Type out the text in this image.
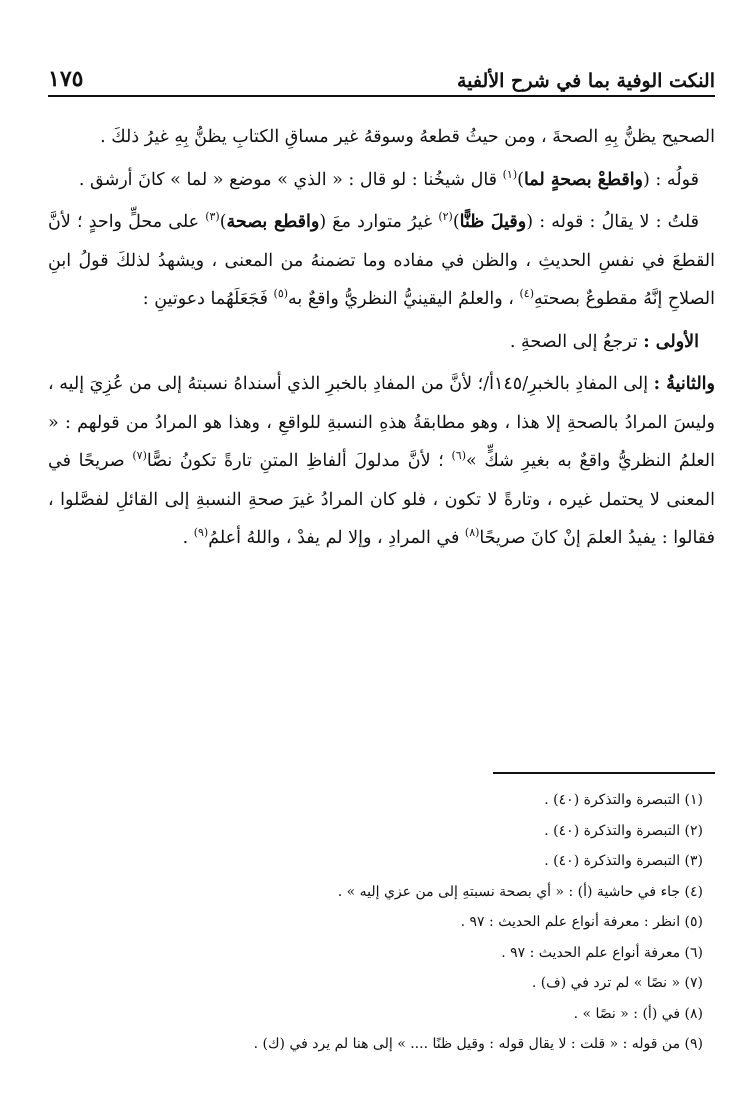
النكت الوفية بما في شرح الألفية
١٧٥

الصحيح يظنُّ بِهِ الصحةَ ، ومن حيثُ قطعهُ وسوقهُ غير مساقِ الكتابِ يظنُّ بِهِ غيرُ ذلكَ .

قولُه : (واقطعْ بصحةٍ لما)$^{(١)}$ قال شيخُنا : لو قال : « الذي » موضع « لما » كانَ أرشق .

قلتُ : لا يقالُ : قوله : (وقيلَ ظنًّا)$^{(٢)}$ غيرُ متوارد معَ (واقطع بصحة)$^{(٣)}$ على محلٍّ واحدٍ ؛ لأنَّ القطعَ في نفسِ الحديثِ ، والظن في مفاده وما تضمنهُ من المعنى ، ويشهدُ لذلكَ قولُ ابنِ الصلاحِ إنَّهُ مقطوعٌ بصحتهِ$^{(٤)}$ ، والعلمُ اليقينيُّ النظريُّ واقعٌ به$^{(٥)}$ فَجَعَلَهُما دعوتينِ :

الأولى : ترجعُ إلى الصحةِ .

والثانيةُ : إلى المفادِ بالخبرِ/١٤٥أ/؛ لأنَّ من المفادِ بالخبرِ الذي أسنداهُ نسبتهُ إلى من عُزِيَ إليه ، وليسَ المرادُ بالصحةِ إلا هذا ، وهو مطابقةُ هذهِ النسبةِ للواقعِ ، وهذا هو المرادُ من قولهم : « العلمُ النظريُّ واقعٌ به بغيرِ شكٍّ »$^{(٦)}$ ؛ لأنَّ مدلولَ ألفاظِ المتنِ تارةً تكونُ نصًّا$^{(٧)}$ صريحًا في المعنى لا يحتمل غيره ، وتارةً لا تكون ، فلو كان المرادُ غيرَ صحةِ النسبةِ إلى القائلِ لفصَّلوا ، فقالوا : يفيدُ العلمَ إنْ كانَ صريحًا$^{(٨)}$ في المرادِ ، وإلا لم يفدْ ، واللهُ أعلمُ$^{(٩)}$ .

(١) التبصرة والتذكرة (٤٠) .
(٢) التبصرة والتذكرة (٤٠) .
(٣) التبصرة والتذكرة (٤٠) .
(٤) جاء في حاشية (أ) : « أي بصحة نسبتهِ إلى من عزي إليه » .
(٥) انظر : معرفة أنواع علم الحديث : ٩٧ .
(٦) معرفة أنواع علم الحديث : ٩٧ .
(٧) « نصًا » لم ترد في (ف) .
(٨) في (أ) : « نصًا » .
(٩) من قوله : « قلت : لا يقال قوله : وقيل ظنًا .... » إلى هنا لم يرد في (ك) .
